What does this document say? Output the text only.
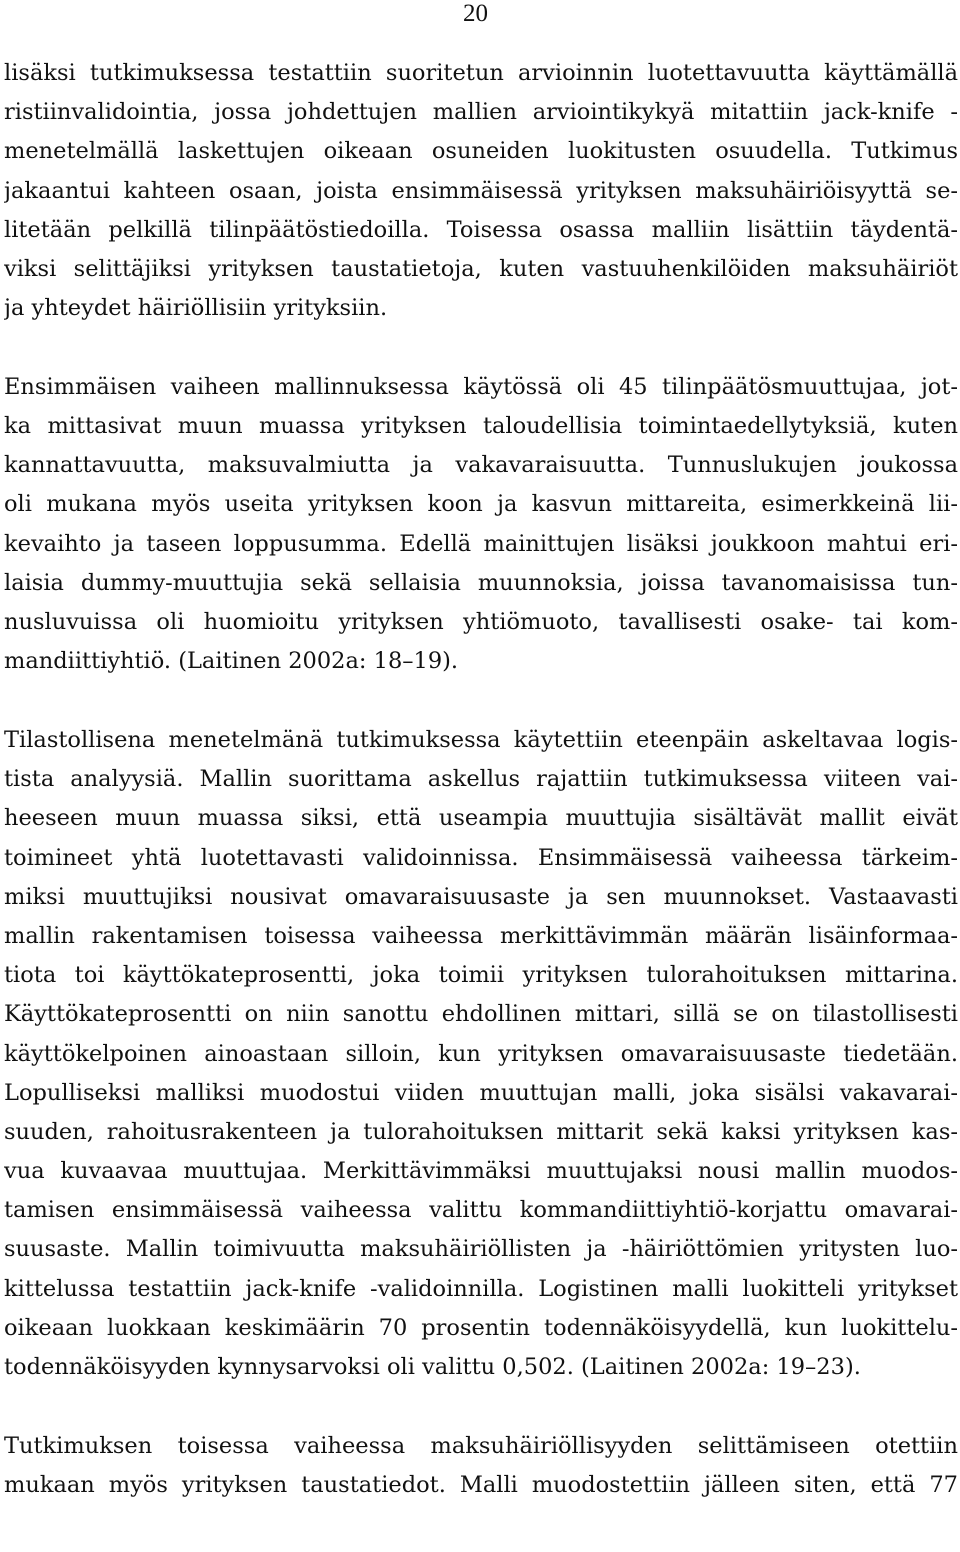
20
lisäksi tutkimuksessa testattiin suoritetun arvioinnin luotettavuutta käyttämällä
ristiinvalidointia, jossa johdettujen mallien arviointikykyä mitattiin jack-knife -
menetelmällä laskettujen oikeaan osuneiden luokitusten osuudella. Tutkimus
jakaantui kahteen osaan, joista ensimmäisessä yrityksen maksuhäiriöisyyttä se-
litetään pelkillä tilinpäätöstiedoilla. Toisessa osassa malliin lisättiin täydentä-
viksi selittäjiksi yrityksen taustatietoja, kuten vastuuhenkilöiden maksuhäiriöt
ja yhteydet häiriöllisiin yrityksiin.
Ensimmäisen vaiheen mallinnuksessa käytössä oli 45 tilinpäätösmuuttujaa, jot-
ka mittasivat muun muassa yrityksen taloudellisia toimintaedellytyksiä, kuten
kannattavuutta, maksuvalmiutta ja vakavaraisuutta. Tunnuslukujen joukossa
oli mukana myös useita yrityksen koon ja kasvun mittareita, esimerkkeinä lii-
kevaihto ja taseen loppusumma. Edellä mainittujen lisäksi joukkoon mahtui eri-
laisia dummy-muuttujia sekä sellaisia muunnoksia, joissa tavanomaisissa tun-
nusluvuissa oli huomioitu yrityksen yhtiömuoto, tavallisesti osake- tai kom-
mandiittiyhtiö. (Laitinen 2002a: 18–19).
Tilastollisena menetelmänä tutkimuksessa käytettiin eteenpäin askeltavaa logis-
tista analyysiä. Mallin suorittama askellus rajattiin tutkimuksessa viiteen vai-
heeseen muun muassa siksi, että useampia muuttujia sisältävät mallit eivät
toimineet yhtä luotettavasti validoinnissa. Ensimmäisessä vaiheessa tärkeim-
miksi muuttujiksi nousivat omavaraisuusaste ja sen muunnokset. Vastaavasti
mallin rakentamisen toisessa vaiheessa merkittävimmän määrän lisäinformaa-
tiota toi käyttökateprosentti, joka toimii yrityksen tulorahoituksen mittarina.
Käyttökateprosentti on niin sanottu ehdollinen mittari, sillä se on tilastollisesti
käyttökelpoinen ainoastaan silloin, kun yrityksen omavaraisuusaste tiedetään.
Lopulliseksi malliksi muodostui viiden muuttujan malli, joka sisälsi vakavarai-
suuden, rahoitusrakenteen ja tulorahoituksen mittarit sekä kaksi yrityksen kas-
vua kuvaavaa muuttujaa. Merkittävimmäksi muuttujaksi nousi mallin muodos-
tamisen ensimmäisessä vaiheessa valittu kommandiittiyhtiö-korjattu omavarai-
suusaste. Mallin toimivuutta maksuhäiriöllisten ja -häiriöttömien yritysten luo-
kittelussa testattiin jack-knife -validoinnilla. Logistinen malli luokitteli yritykset
oikeaan luokkaan keskimäärin 70 prosentin todennäköisyydellä, kun luokittelu-
todennäköisyyden kynnysarvoksi oli valittu 0,502. (Laitinen 2002a: 19–23).
Tutkimuksen toisessa vaiheessa maksuhäiriöllisyyden selittämiseen otettiin
mukaan myös yrityksen taustatiedot. Malli muodostettiin jälleen siten, että 77
